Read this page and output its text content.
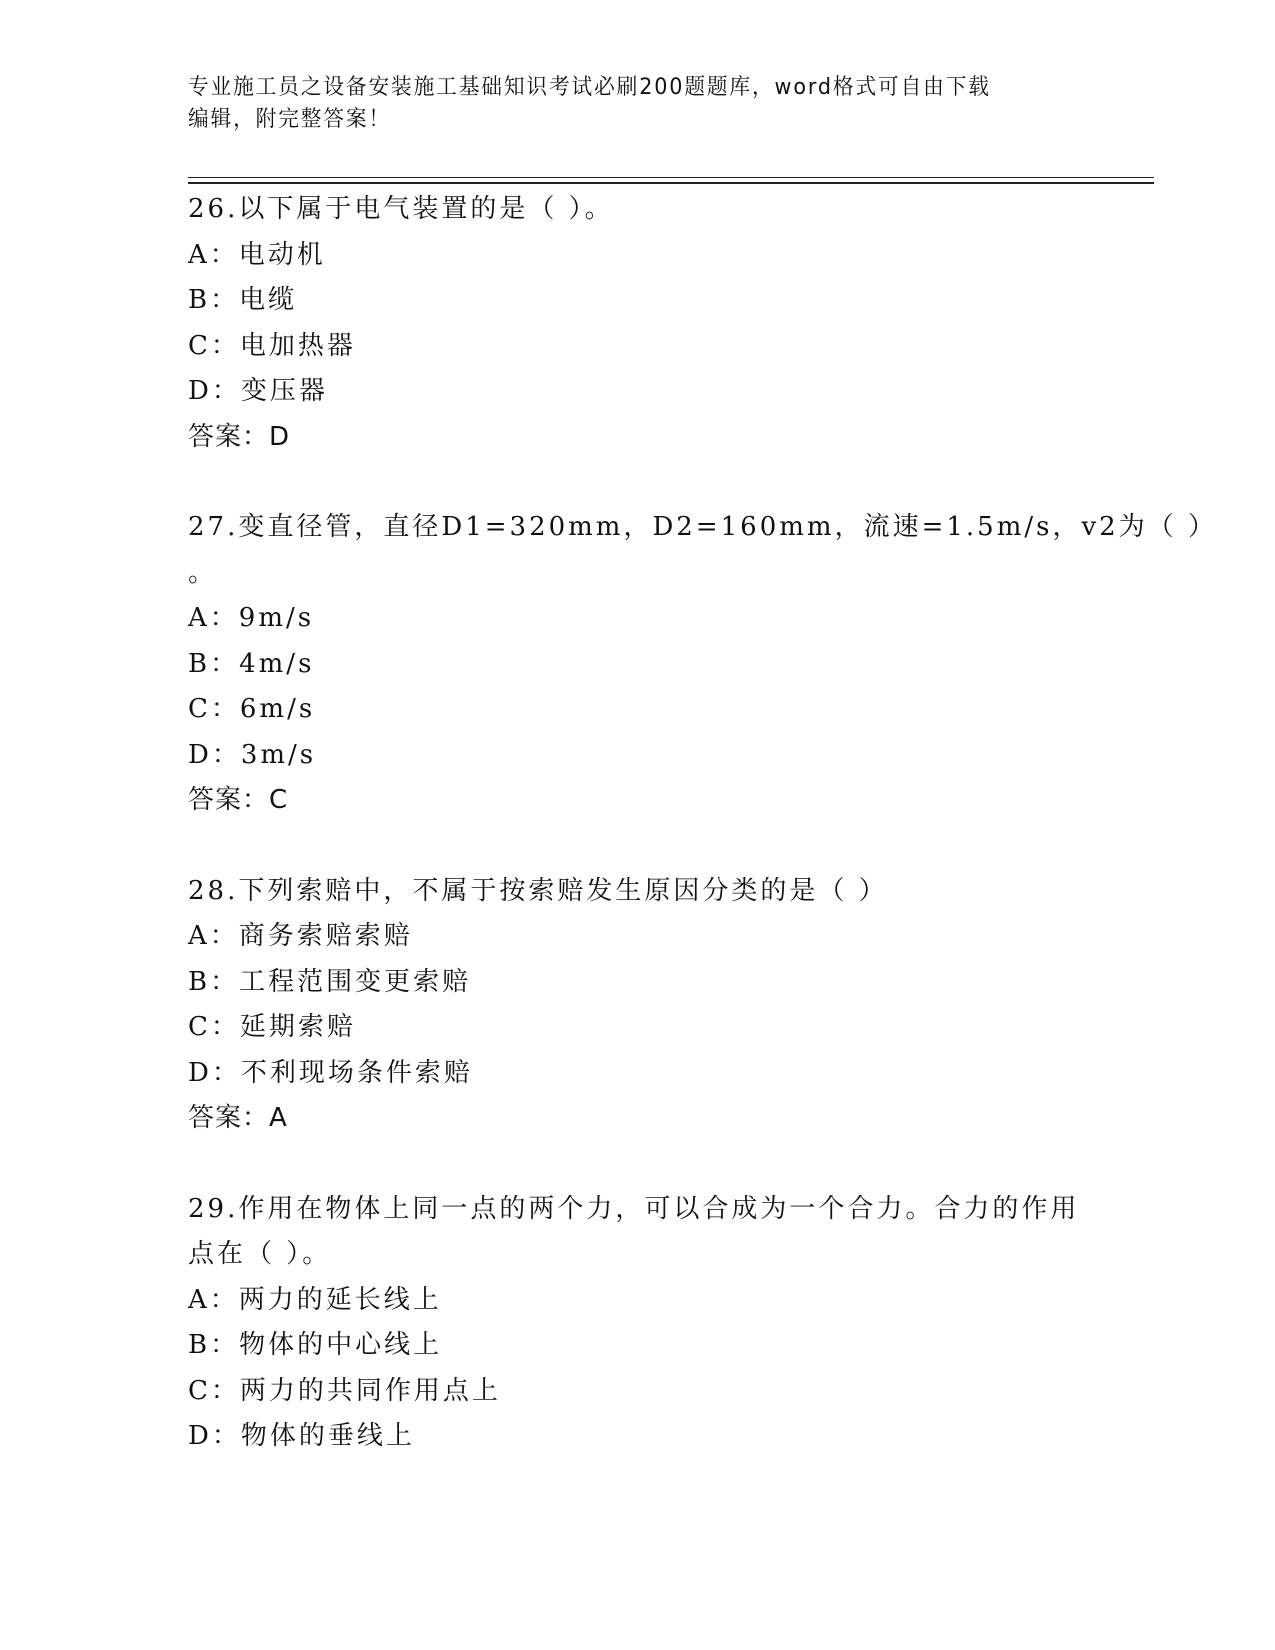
专业施工员之设备安装施工基础知识考试必刷200题题库，word格式可自由下载
编辑，附完整答案！
26.以下属于电气装置的是（ ）。
A：电动机
B：电缆
C：电加热器
D：变压器
答案：D
27.变直径管，直径D1=320mm，D2=160mm，流速=1.5m/s，v2为（ ）
。
A：9m/s
B：4m/s
C：6m/s
D：3m/s
答案：C
28.下列索赔中，不属于按索赔发生原因分类的是（ ）
A：商务索赔索赔
B：工程范围变更索赔
C：延期索赔
D：不利现场条件索赔
答案：A
29.作用在物体上同一点的两个力，可以合成为一个合力。合力的作用
点在（ ）。
A：两力的延长线上
B：物体的中心线上
C：两力的共同作用点上
D：物体的垂线上
